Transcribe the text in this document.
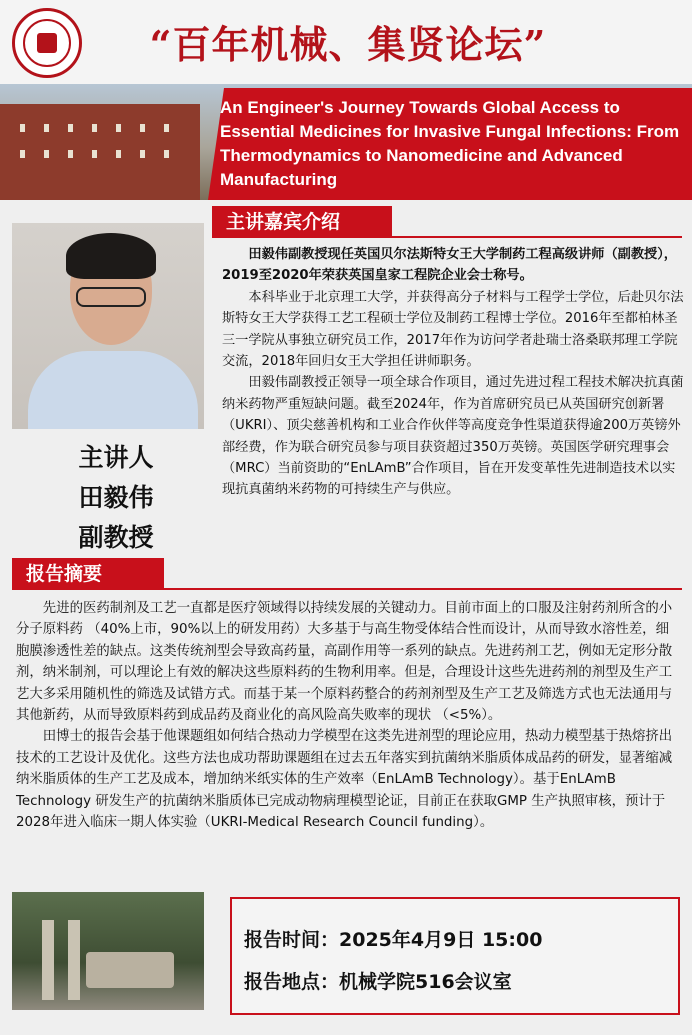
“百年机械、集贤论坛”
An Engineer's Journey Towards Global Access to Essential Medicines for Invasive Fungal Infections: From Thermodynamics to Nanomedicine and Advanced Manufacturing
主讲嘉宾介绍
主讲人
田毅伟
副教授

田毅伟副教授现任英国贝尔法斯特女王大学制药工程高级讲师（副教授），2019至2020年荣获英国皇家工程院企业会士称号。

本科毕业于北京理工大学，并获得高分子材料与工程学士学位，后赴贝尔法斯特女王大学获得工艺工程硕士学位及制药工程博士学位。2016年至都柏林圣三一学院从事独立研究员工作，2017年作为访问学者赴瑞士洛桑联邦理工学院交流，2018年回归女王大学担任讲师职务。

田毅伟副教授正领导一项全球合作项目，通过先进过程工程技术解决抗真菌纳米药物严重短缺问题。截至2024年，作为首席研究员已从英国研究创新署（UKRI）、顶尖慈善机构和工业合作伙伴等高度竞争性渠道获得逾200万英镑外部经费，作为联合研究员参与项目获资超过350万英镑。英国医学研究理事会（MRC）当前资助的“EnLAmB”合作项目，旨在开发变革性先进制造技术以实现抗真菌纳米药物的可持续生产与供应。

报告摘要

先进的医药制剂及工艺一直都是医疗领域得以持续发展的关键动力。目前市面上的口服及注射药剂所含的小分子原料药 （40%上市，90%以上的研发用药）大多基于与高生物受体结合性而设计，从而导致水溶性差，细胞膜渗透性差的缺点。这类传统剂型会导致高药量，高副作用等一系列的缺点。先进药剂工艺，例如无定形分散剂，纳米制剂，可以理论上有效的解决这些原料药的生物利用率。但是，合理设计这些先进药剂的剂型及生产工艺大多采用随机性的筛选及试错方式。而基于某一个原料药整合的药剂剂型及生产工艺及筛选方式也无法通用与其他新药，从而导致原料药到成品药及商业化的高风险高失败率的现状 （<5%）。

田博士的报告会基于他课题组如何结合热动力学模型在这类先进剂型的理论应用，热动力模型基于热熔挤出技术的工艺设计及优化。这些方法也成功帮助课题组在过去五年落实到抗菌纳米脂质体成品药的研发，显著缩减纳米脂质体的生产工艺及成本，增加纳米纸实体的生产效率（EnLAmB Technology）。基于EnLAmB Technology 研发生产的抗菌纳米脂质体已完成动物病理模型论证，目前正在获取GMP 生产执照审核，预计于2028年进入临床一期人体实验（UKRI-Medical Research Council funding）。

报告时间：2025年4月9日 15:00
报告地点：机械学院516会议室
